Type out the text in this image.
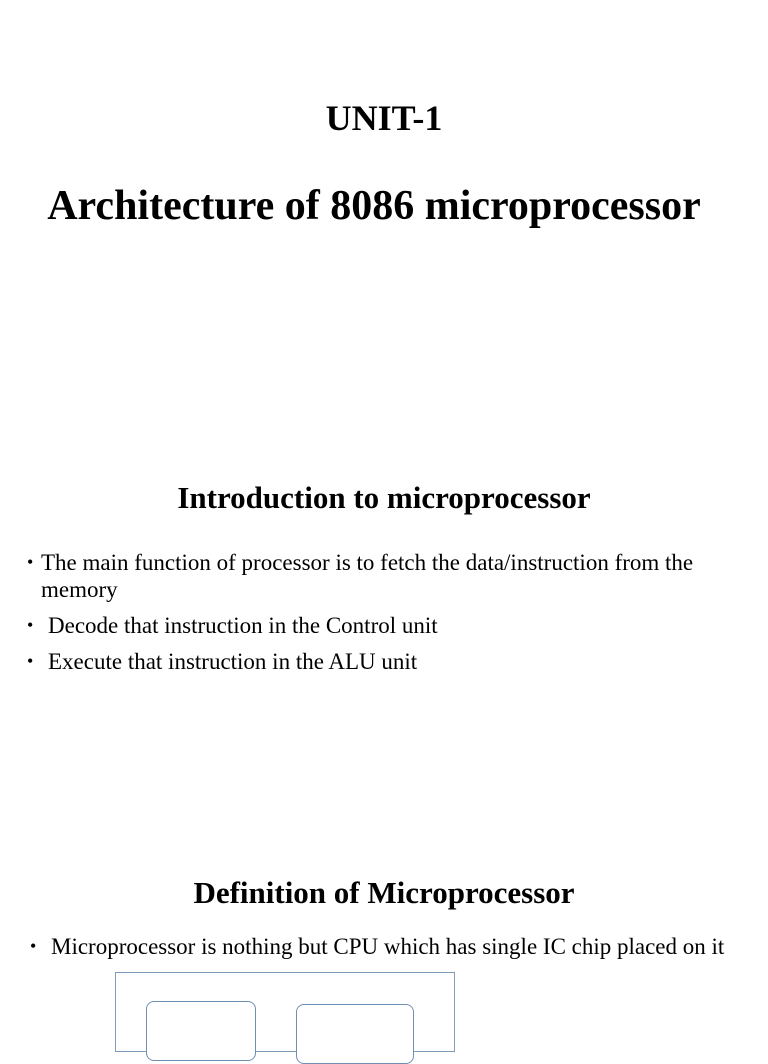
UNIT-1
Architecture of 8086 microprocessor
Introduction to microprocessor
• The main function of processor is to fetch the data/instruction from the memory
• Decode that instruction in the Control unit
• Execute that instruction in the ALU unit
Definition of Microprocessor
• Microprocessor is nothing but CPU which has single IC chip placed on it
